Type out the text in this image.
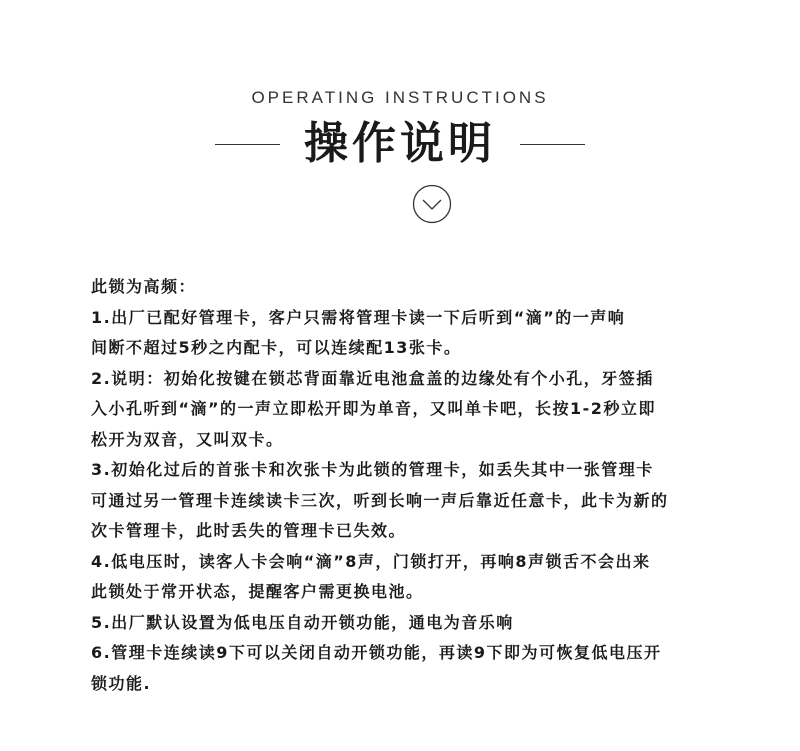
OPERATING INSTRUCTIONS
操作说明

此锁为高频：

1.出厂已配好管理卡，客户只需将管理卡读一下后听到“滴”的一声响

间断不超过5秒之内配卡，可以连续配13张卡。

2.说明：初始化按键在锁芯背面靠近电池盒盖的边缘处有个小孔，牙签插

入小孔听到“滴”的一声立即松开即为单音，又叫单卡吧，长按1-2秒立即

松开为双音，又叫双卡。

3.初始化过后的首张卡和次张卡为此锁的管理卡，如丢失其中一张管理卡

可通过另一管理卡连续读卡三次，听到长响一声后靠近任意卡，此卡为新的

次卡管理卡，此时丢失的管理卡已失效。

4.低电压时，读客人卡会响“滴”8声，门锁打开，再响8声锁舌不会出来

此锁处于常开状态，提醒客户需更换电池。

5.出厂默认设置为低电压自动开锁功能，通电为音乐响

6.管理卡连续读9下可以关闭自动开锁功能，再读9下即为可恢复低电压开

锁功能.
